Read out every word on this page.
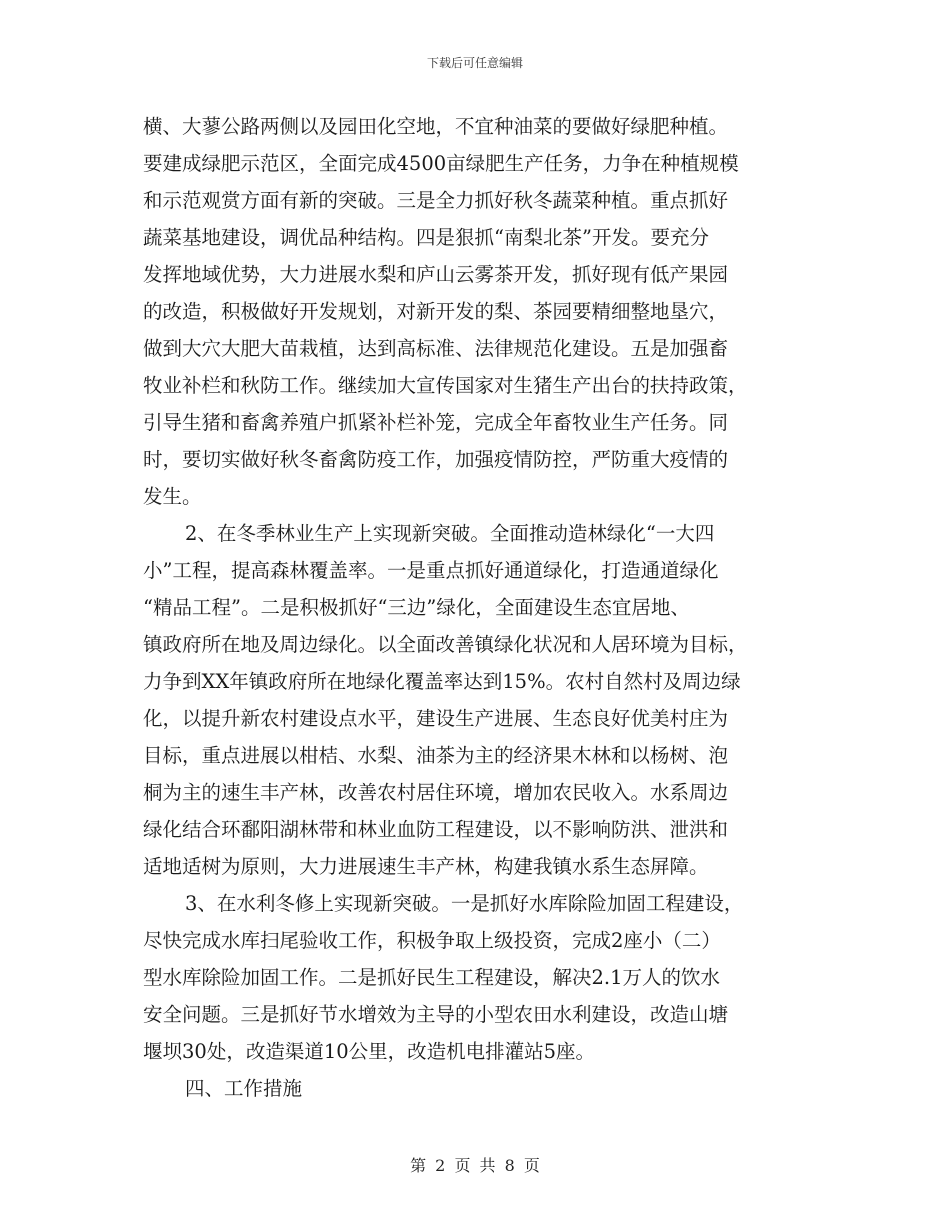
下载后可任意编辑
横、大蓼公路两侧以及园田化空地，不宜种油菜的要做好绿肥种植。
要建成绿肥示范区，全面完成4500亩绿肥生产任务，力争在种植规模
和示范观赏方面有新的突破。三是全力抓好秋冬蔬菜种植。重点抓好
蔬菜基地建设，调优品种结构。四是狠抓“南梨北茶”开发。要充分
发挥地域优势，大力进展水梨和庐山云雾茶开发，抓好现有低产果园
的改造，积极做好开发规划，对新开发的梨、茶园要精细整地垦穴，
做到大穴大肥大苗栽植，达到高标准、法律规范化建设。五是加强畜
牧业补栏和秋防工作。继续加大宣传国家对生猪生产出台的扶持政策，
引导生猪和畜禽养殖户抓紧补栏补笼，完成全年畜牧业生产任务。同
时，要切实做好秋冬畜禽防疫工作，加强疫情防控，严防重大疫情的
发生。
2、在冬季林业生产上实现新突破。全面推动造林绿化“一大四
小”工程，提高森林覆盖率。一是重点抓好通道绿化，打造通道绿化
“精品工程”。二是积极抓好“三边”绿化，全面建设生态宜居地、
镇政府所在地及周边绿化。以全面改善镇绿化状况和人居环境为目标，
力争到XX年镇政府所在地绿化覆盖率达到15%。农村自然村及周边绿
化，以提升新农村建设点水平，建设生产进展、生态良好优美村庄为
目标，重点进展以柑桔、水梨、油茶为主的经济果木林和以杨树、泡
桐为主的速生丰产林，改善农村居住环境，增加农民收入。水系周边
绿化结合环鄱阳湖林带和林业血防工程建设，以不影响防洪、泄洪和
适地适树为原则，大力进展速生丰产林，构建我镇水系生态屏障。
3、在水利冬修上实现新突破。一是抓好水库除险加固工程建设，
尽快完成水库扫尾验收工作，积极争取上级投资，完成2座小（二）
型水库除险加固工作。二是抓好民生工程建设，解决2.1万人的饮水
安全问题。三是抓好节水增效为主导的小型农田水利建设，改造山塘
堰坝30处，改造渠道10公里，改造机电排灌站5座。
四、工作措施
第 2 页 共 8 页
